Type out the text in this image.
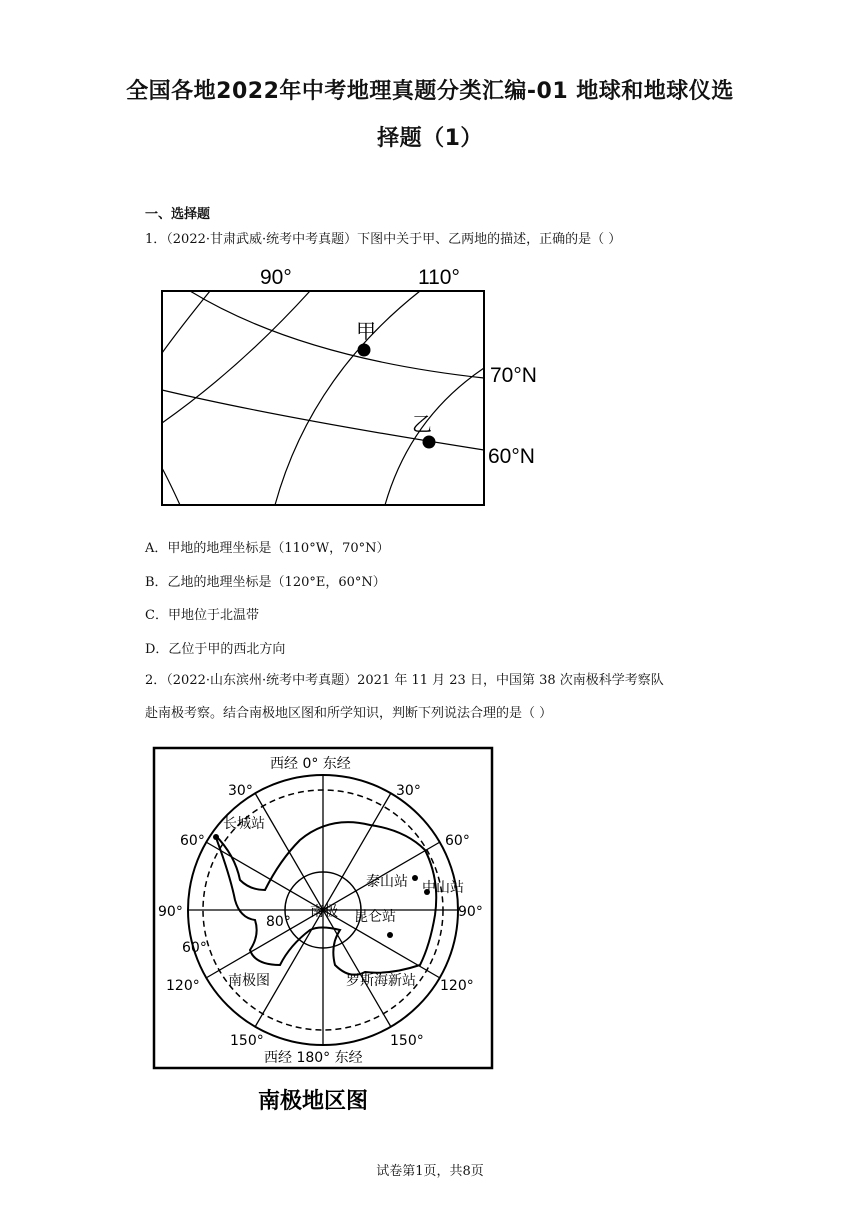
全国各地2022年中考地理真题分类汇编-01 地球和地球仪选
择题（1）
一、选择题
1．（2022·甘肃武威·统考中考真题）下图中关于甲、乙两地的描述，正确的是（ ）
90°	110°
70°N
60°N
甲
乙
A．甲地的地理坐标是（110°W，70°N）
B．乙地的地理坐标是（120°E，60°N）
C．甲地位于北温带
D．乙位于甲的西北方向
2．（2022·山东滨州·统考中考真题）2021 年 11 月 23 日，中国第 38 次南极科学考察队
赴南极考察。结合南极地区图和所学知识，判断下列说法合理的是（ ）
西经 0° 东经
西经 180° 东经
南极
80°
60°
30°	30°
60°	60°
90°	90°
120°	120°
150°	150°
长城站
泰山站 中山站
昆仑站
罗斯海新站
南极图
南极地区图
试卷第1页，共8页
